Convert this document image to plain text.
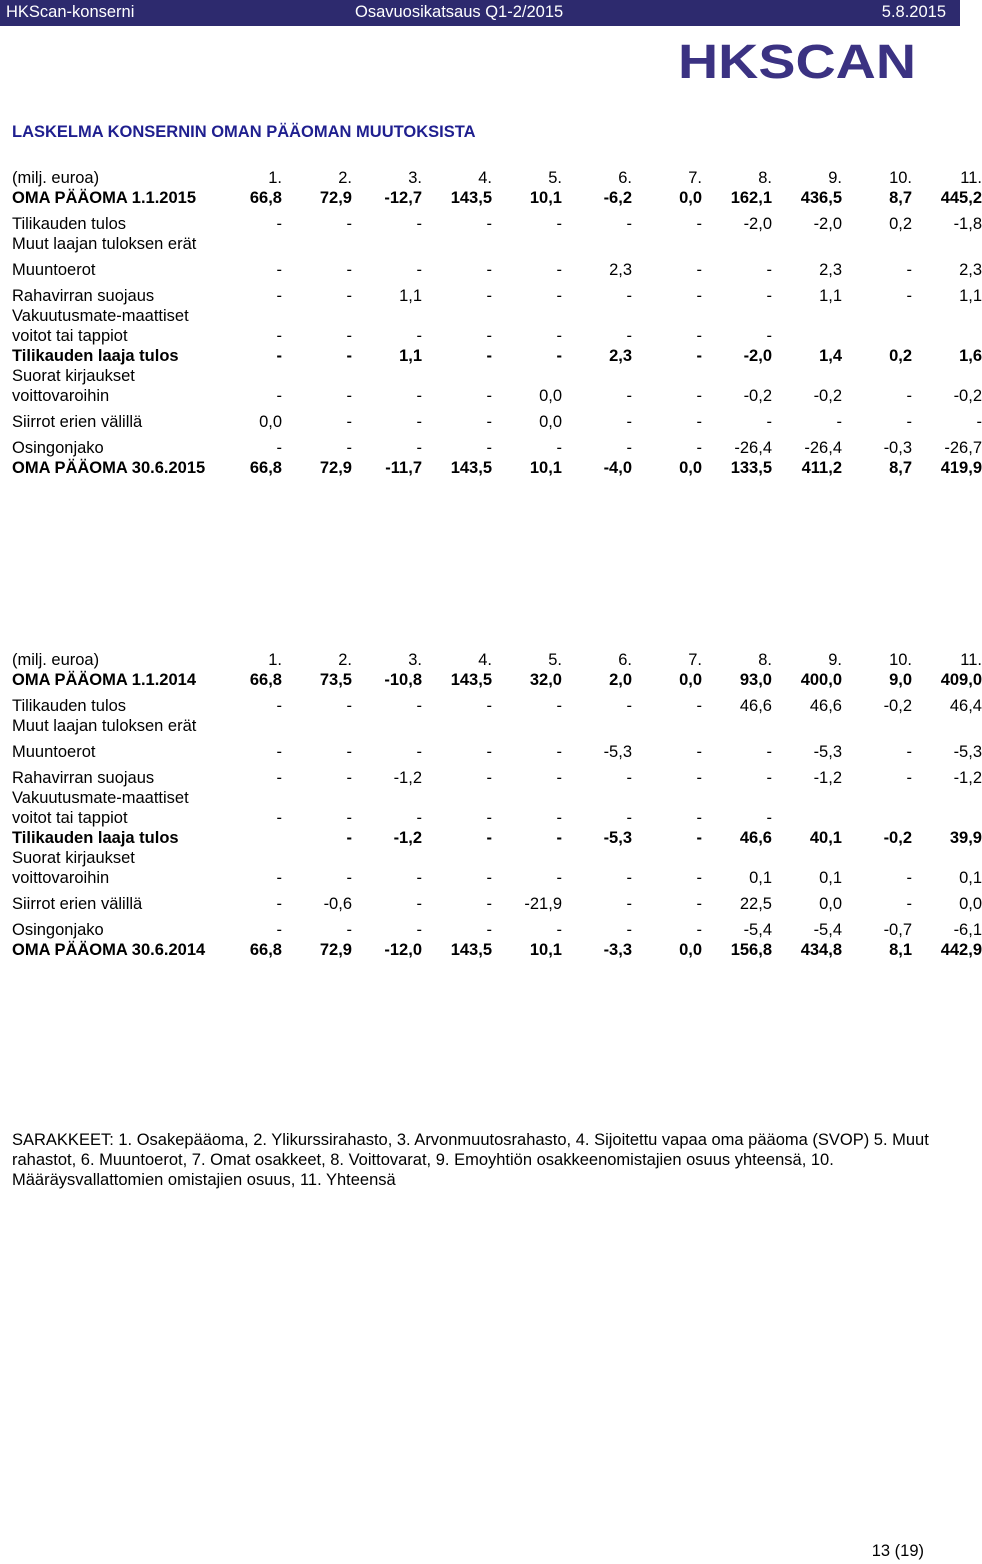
HKScan-konserni	Osavuosikatsaus Q1-2/2015	5.8.2015
HKSCAN
LASKELMA KONSERNIN OMAN PÄÄOMAN MUUTOKSISTA
(milj. euroa)	1.	2.	3.	4.	5.	6.	7.	8.	9.	10.	11.
OMA PÄÄOMA 1.1.2015	66,8	72,9	-12,7	143,5	10,1	-6,2	0,0	162,1	436,5	8,7	445,2
Tilikauden tulos	-	-	-	-	-	-	-	-2,0	-2,0	0,2	-1,8
Muut laajan tuloksen erät											
Muuntoerot	-	-	-	-	-	2,3	-	-	2,3	-	2,3
Rahavirran suojaus	-	-	1,1	-	-	-	-	-	1,1	-	1,1
Vakuutusmate-maattiset voitot tai tappiot	-	-	-	-	-	-	-	-			
Tilikauden laaja tulos	-	-	1,1	-	-	2,3	-	-2,0	1,4	0,2	1,6
Suorat kirjaukset voittovaroihin	-	-	-	-	0,0	-	-	-0,2	-0,2	-	-0,2
Siirrot erien välillä	0,0	-	-	-	0,0	-	-	-	-	-	-
Osingonjako	-	-	-	-	-	-	-	-26,4	-26,4	-0,3	-26,7
OMA PÄÄOMA 30.6.2015	66,8	72,9	-11,7	143,5	10,1	-4,0	0,0	133,5	411,2	8,7	419,9
(milj. euroa)	1.	2.	3.	4.	5.	6.	7.	8.	9.	10.	11.
OMA PÄÄOMA 1.1.2014	66,8	73,5	-10,8	143,5	32,0	2,0	0,0	93,0	400,0	9,0	409,0
Tilikauden tulos	-	-	-	-	-	-	-	46,6	46,6	-0,2	46,4
Muut laajan tuloksen erät											
Muuntoerot	-	-	-	-	-	-5,3	-	-	-5,3	-	-5,3
Rahavirran suojaus	-	-	-1,2	-	-	-	-	-	-1,2	-	-1,2
Vakuutusmate-maattiset voitot tai tappiot	-	-	-	-	-	-	-	-			
Tilikauden laaja tulos		-	-1,2	-	-	-5,3	-	46,6	40,1	-0,2	39,9
Suorat kirjaukset voittovaroihin	-	-	-	-	-	-	-	0,1	0,1	-	0,1
Siirrot erien välillä	-	-0,6	-	-	-21,9	-	-	22,5	0,0	-	0,0
Osingonjako	-	-	-	-	-	-	-	-5,4	-5,4	-0,7	-6,1
OMA PÄÄOMA 30.6.2014	66,8	72,9	-12,0	143,5	10,1	-3,3	0,0	156,8	434,8	8,1	442,9
SARAKKEET: 1. Osakepääoma, 2. Ylikurssirahasto, 3. Arvonmuutosrahasto, 4. Sijoitettu vapaa oma pääoma (SVOP) 5. Muut rahastot, 6. Muuntoerot, 7. Omat osakkeet, 8. Voittovarat, 9. Emoyhtiön osakkeenomistajien osuus yhteensä, 10. Määräysvallattomien omistajien osuus, 11. Yhteensä
13 (19)
